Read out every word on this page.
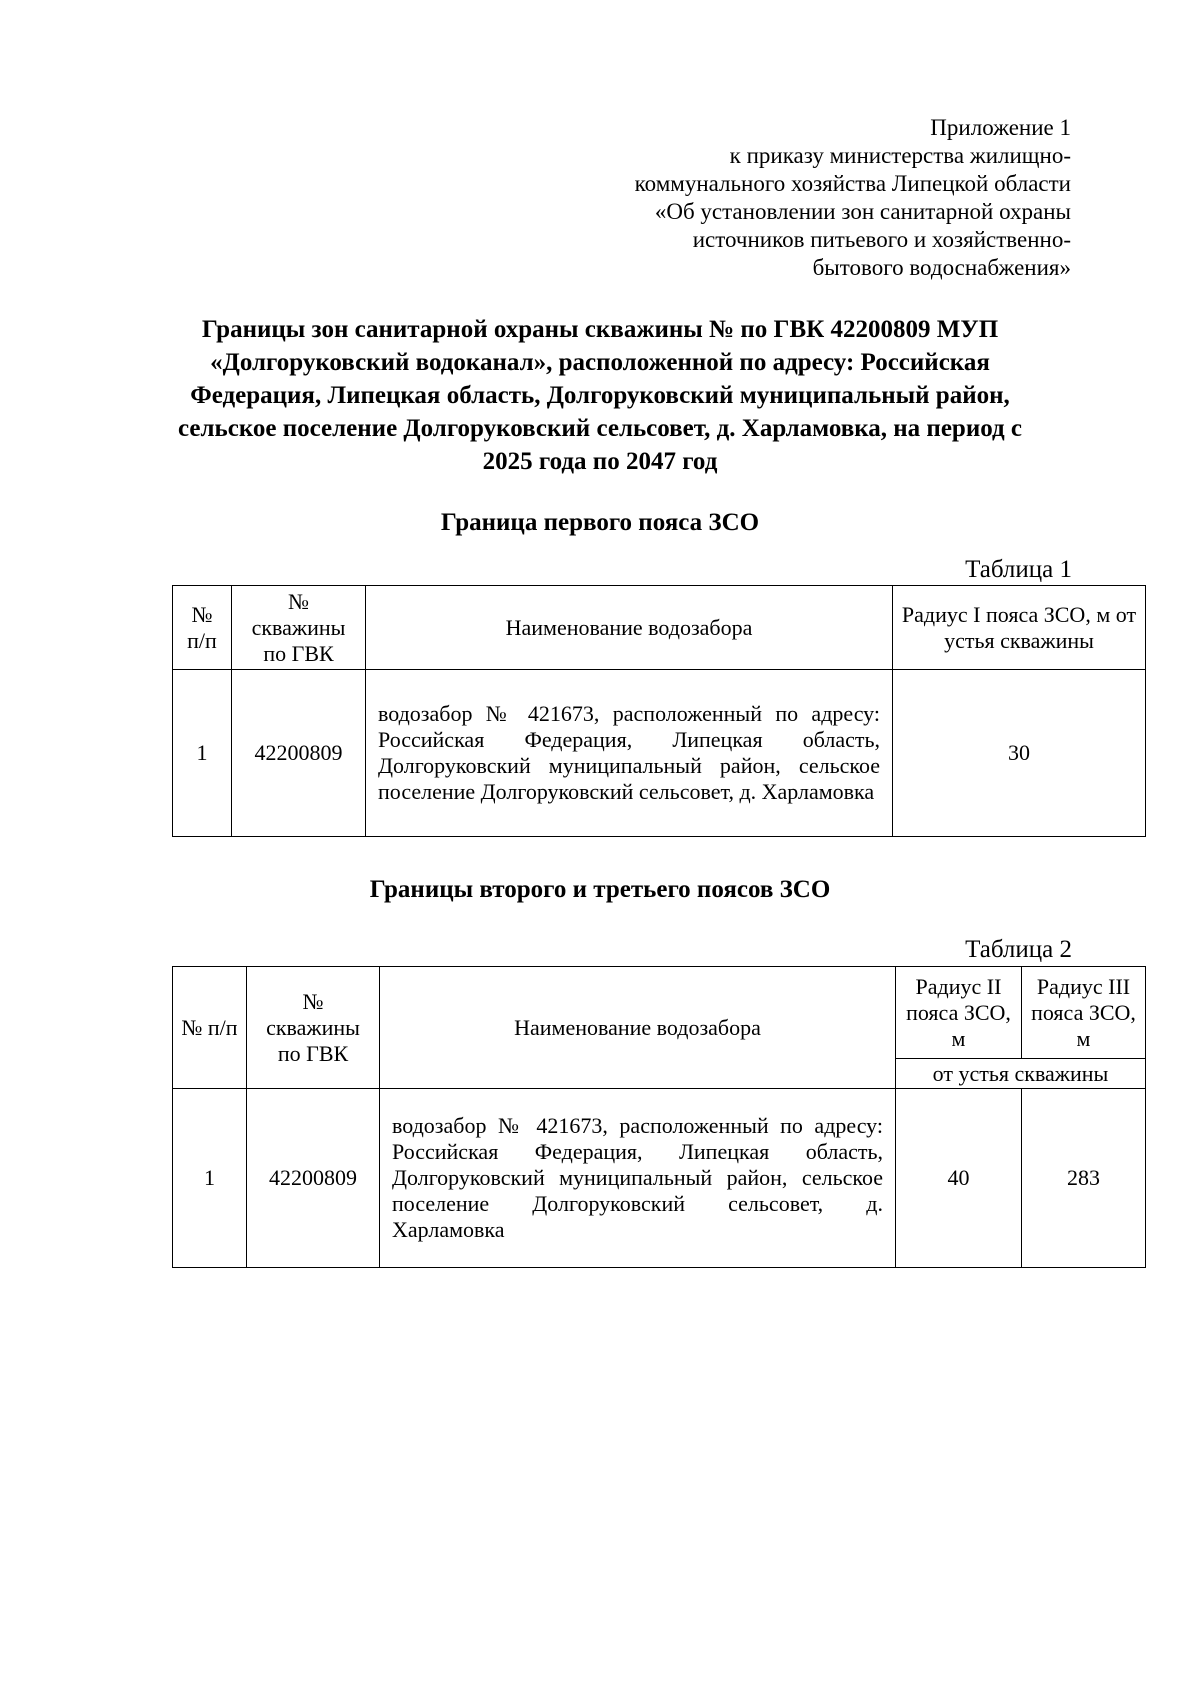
Приложение 1
к приказу министерства жилищно-
коммунального хозяйства Липецкой области
«Об установлении зон санитарной охраны
источников питьевого и хозяйственно-
бытового водоснабжения»
Границы зон санитарной охраны скважины № по ГВК 42200809 МУП
«Долгоруковский водоканал», расположенной по адресу: Российская
Федерация, Липецкая область, Долгоруковский муниципальный район,
сельское поселение Долгоруковский сельсовет, д. Харламовка, на период с
2025 года по 2047 год
Граница первого пояса ЗСО
Таблица 1
№ п/п	№ скважины по ГВК	Наименование водозабора	Радиус I пояса ЗСО, м от устья скважины
1	42200809	водозабор № 421673, расположенный по адресу: Российская Федерация, Липецкая область, Долгоруковский муниципальный район, сельское поселение Долгоруковский сельсовет, д. Харламовка	30
Границы второго и третьего поясов ЗСО
Таблица 2
№ п/п	№ скважины по ГВК	Наименование водозабора	Радиус II пояса ЗСО, м	Радиус III пояса ЗСО, м
			от устья скважины	
1	42200809	водозабор № 421673, расположенный по адресу: Российская Федерация, Липецкая область, Долгоруковский муниципальный район, сельское поселение Долгоруковский сельсовет, д. Харламовка	40	283
